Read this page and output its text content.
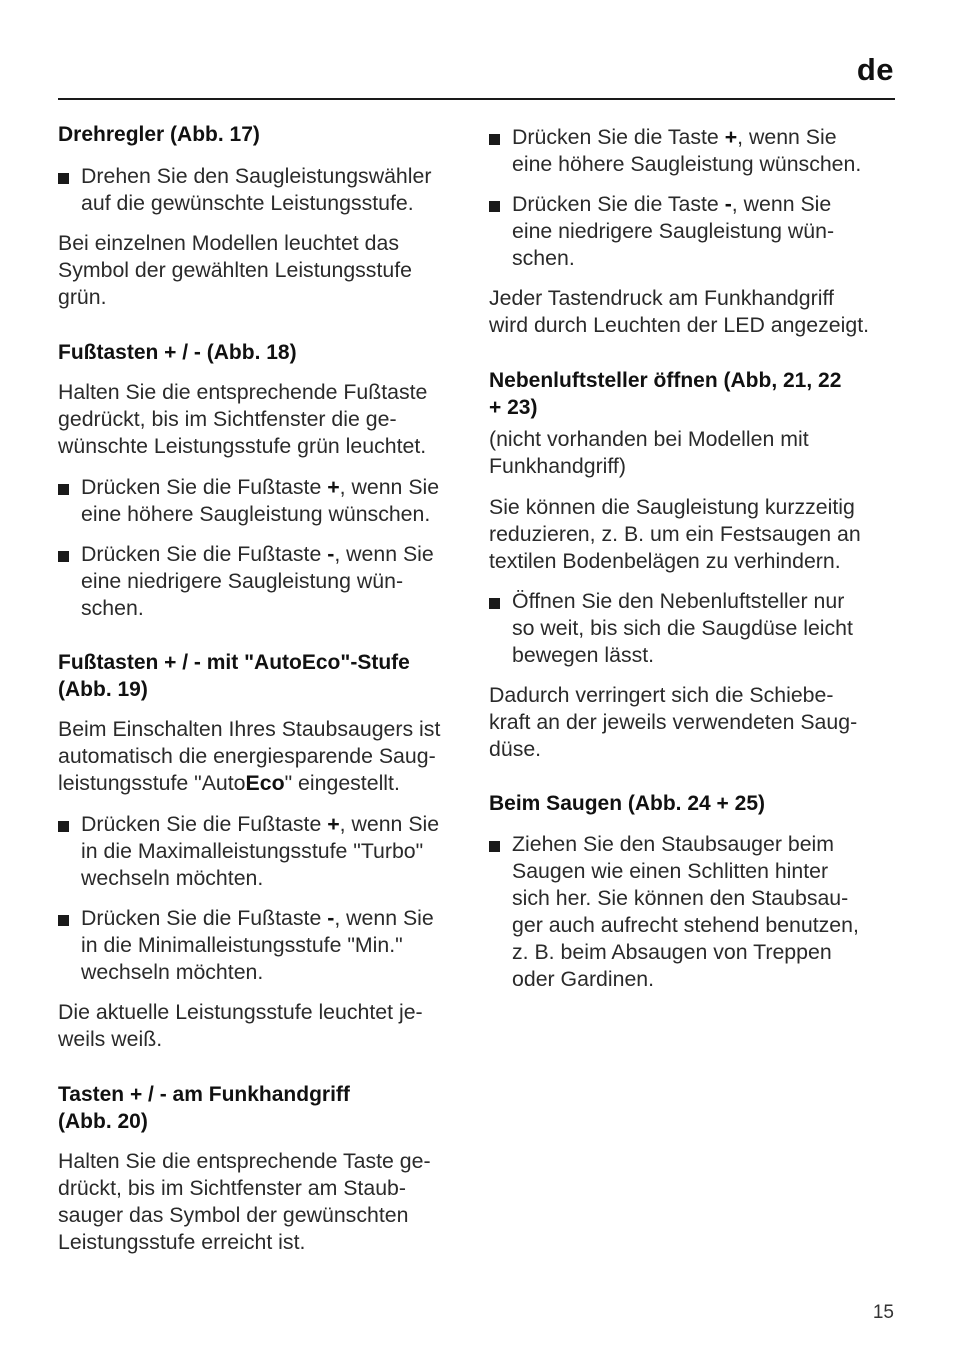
de
Drehregler (Abb. 17)
Drehen Sie den Saugleistungswähler
auf die gewünschte Leistungsstufe.

Bei einzelnen Modellen leuchtet das
Symbol der gewählten Leistungsstufe
grün.

Fußtasten + / - (Abb. 18)

Halten Sie die entsprechende Fußtaste
gedrückt, bis im Sichtfenster die ge-
wünschte Leistungsstufe grün leuchtet.

Drücken Sie die Fußtaste +, wenn Sie
eine höhere Saugleistung wünschen.
Drücken Sie die Fußtaste -, wenn Sie
eine niedrigere Saugleistung wün-
schen.
Fußtasten + / - mit "AutoEco"-Stufe
(Abb. 19)

Beim Einschalten Ihres Staubsaugers ist
automatisch die energiesparende Saug-
leistungsstufe "AutoEco" eingestellt.

Drücken Sie die Fußtaste +, wenn Sie
in die Maximalleistungsstufe "Turbo"
wechseln möchten.
Drücken Sie die Fußtaste -, wenn Sie
in die Minimalleistungsstufe "Min."
wechseln möchten.

Die aktuelle Leistungsstufe leuchtet je-
weils weiß.

Tasten + / - am Funkhandgriff
(Abb. 20)

Halten Sie die entsprechende Taste ge-
drückt, bis im Sichtfenster am Staub-
sauger das Symbol der gewünschten
Leistungsstufe erreicht ist.

Drücken Sie die Taste +, wenn Sie
eine höhere Saugleistung wünschen.
Drücken Sie die Taste -, wenn Sie
eine niedrigere Saugleistung wün-
schen.

Jeder Tastendruck am Funkhandgriff
wird durch Leuchten der LED angezeigt.

Nebenluftsteller öffnen (Abb, 21, 22
+ 23)

(nicht vorhanden bei Modellen mit
Funkhandgriff)

Sie können die Saugleistung kurzzeitig
reduzieren, z. B. um ein Festsaugen an
textilen Bodenbelägen zu verhindern.

Öffnen Sie den Nebenluftsteller nur
so weit, bis sich die Saugdüse leicht
bewegen lässt.

Dadurch verringert sich die Schiebe-
kraft an der jeweils verwendeten Saug-
düse.

Beim Saugen (Abb. 24 + 25)
Ziehen Sie den Staubsauger beim
Saugen wie einen Schlitten hinter
sich her. Sie können den Staubsau-
ger auch aufrecht stehend benutzen,
z. B. beim Absaugen von Treppen
oder Gardinen.
15
